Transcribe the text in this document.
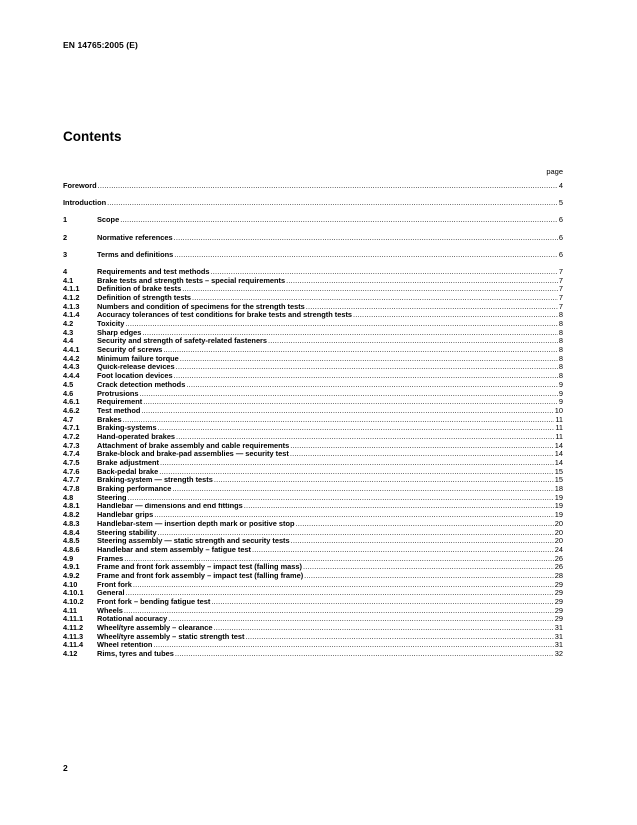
EN 14765:2005 (E)
Contents
page
Foreword .....	4
Introduction .....	5
1	Scope .....	6
2	Normative references .....	6
3	Terms and definitions .....	6
4	Requirements and test methods .....	7
4.1	Brake tests and strength tests – special requirements .....	7
4.1.1	Definition of brake tests .....	7
4.1.2	Definition of strength tests .....	7
4.1.3	Numbers and condition of specimens for the strength tests .....	7
4.1.4	Accuracy tolerances of test conditions for brake tests and strength tests .....	8
4.2	Toxicity .....	8
4.3	Sharp edges .....	8
4.4	Security and strength of safety-related fasteners .....	8
4.4.1	Security of screws .....	8
4.4.2	Minimum failure torque .....	8
4.4.3	Quick-release devices .....	8
4.4.4	Foot location devices .....	8
4.5	Crack detection methods .....	9
4.6	Protrusions .....	9
4.6.1	Requirement .....	9
4.6.2	Test method .....	10
4.7	Brakes .....	11
4.7.1	Braking-systems .....	11
4.7.2	Hand-operated brakes .....	11
4.7.3	Attachment of brake assembly and cable requirements .....	14
4.7.4	Brake-block and brake-pad assemblies — security test .....	14
4.7.5	Brake adjustment .....	14
4.7.6	Back-pedal brake .....	15
4.7.7	Braking-system — strength tests .....	15
4.7.8	Braking performance .....	18
4.8	Steering .....	19
4.8.1	Handlebar — dimensions and end fittings .....	19
4.8.2	Handlebar grips .....	19
4.8.3	Handlebar-stem — insertion depth mark or positive stop .....	20
4.8.4	Steering stability .....	20
4.8.5	Steering assembly — static strength and security tests .....	20
4.8.6	Handlebar and stem assembly – fatigue test .....	24
4.9	Frames .....	26
4.9.1	Frame and front fork assembly – impact test (falling mass) .....	26
4.9.2	Frame and front fork assembly – impact test (falling frame) .....	28
4.10	Front fork .....	29
4.10.1	General .....	29
4.10.2	Front fork – bending fatigue test .....	29
4.11	Wheels .....	29
4.11.1	Rotational accuracy .....	29
4.11.2	Wheel/tyre assembly – clearance .....	31
4.11.3	Wheel/tyre assembly – static strength test .....	31
4.11.4	Wheel retention .....	31
4.12	Rims, tyres and tubes .....	32
2
